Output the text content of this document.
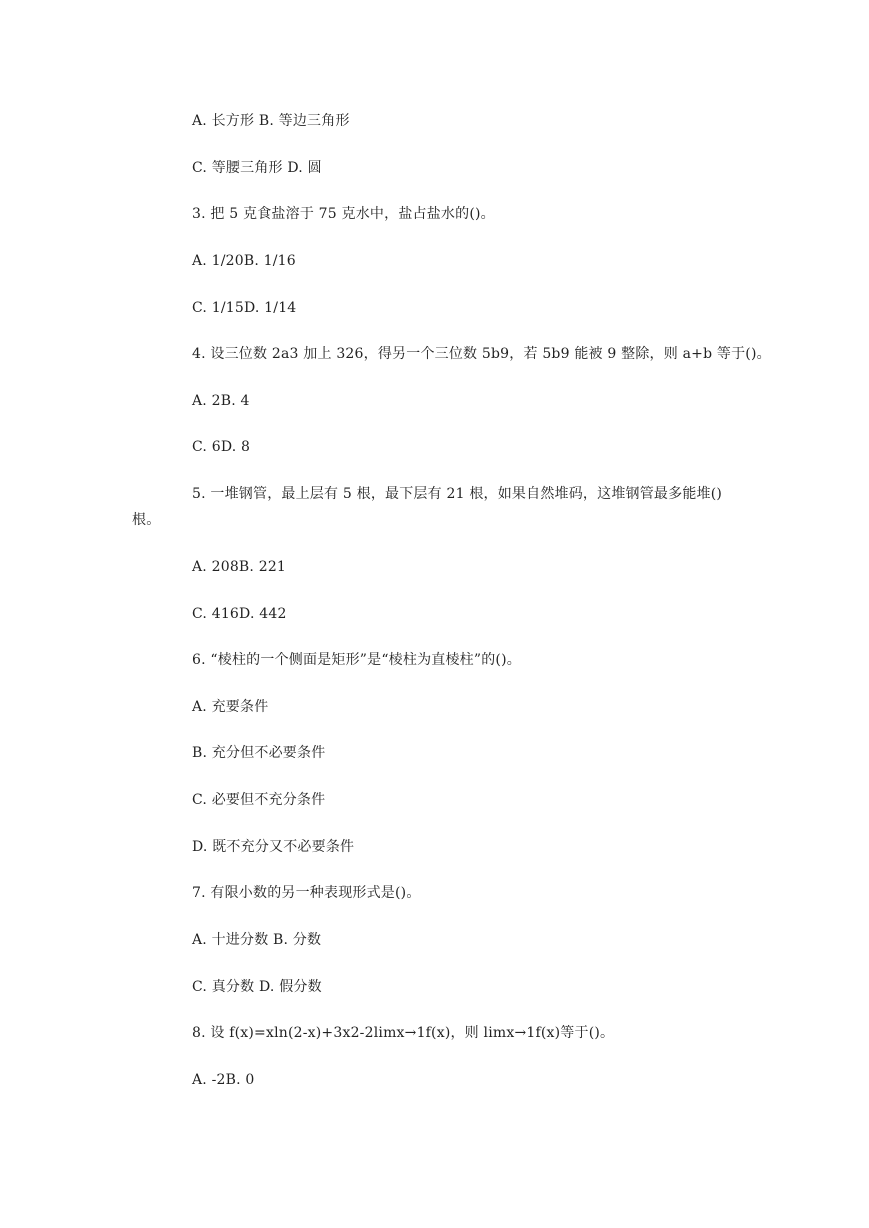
A. 长方形 B. 等边三角形
C. 等腰三角形 D. 圆
3. 把 5 克食盐溶于 75 克水中，盐占盐水的()。
A. 1/20B. 1/16
C. 1/15D. 1/14
4. 设三位数 2a3 加上 326，得另一个三位数 5b9，若 5b9 能被 9 整除，则 a+b 等于()。
A. 2B. 4
C. 6D. 8
5. 一堆钢管，最上层有 5 根，最下层有 21 根，如果自然堆码，这堆钢管最多能堆()
根。
A. 208B. 221
C. 416D. 442
6. “棱柱的一个侧面是矩形”是“棱柱为直棱柱”的()。
A. 充要条件
B. 充分但不必要条件
C. 必要但不充分条件
D. 既不充分又不必要条件
7. 有限小数的另一种表现形式是()。
A. 十进分数 B. 分数
C. 真分数 D. 假分数
8. 设 f(x)=xln(2-x)+3x2-2limx→1f(x)，则 limx→1f(x)等于()。
A. -2B. 0
